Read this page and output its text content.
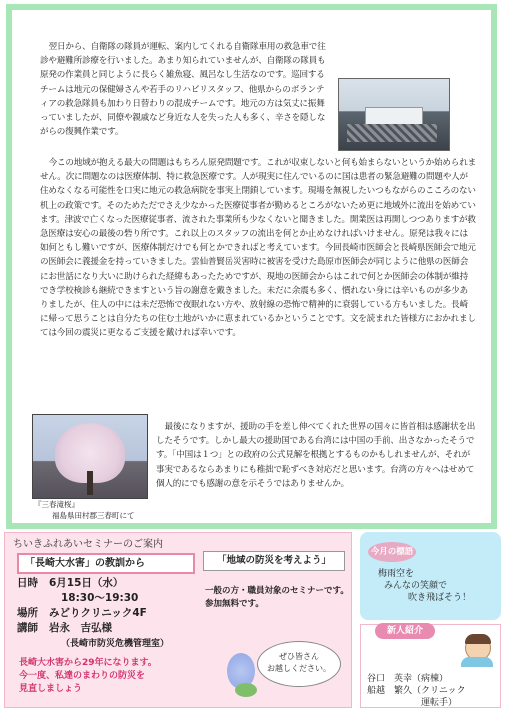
翌日から、自衛隊の隊員が運転、案内してくれる自衛隊車用の救急車で往診や避難所診療を行いました。あまり知られていませんが、自衛隊の隊員も原発の作業員と同じように長らく雑魚寝、風呂なし生活なのです。巡回するチームは地元の保健婦さんや若手のリハビリスタッフ、他県からのボランティアの救急隊員も加わり日替わりの混成チームです。地元の方は気丈に振舞っていましたが、同僚や親戚など身近な人を失った人も多く、辛さを隠しながらの復興作業です。
今この地域が抱える最大の問題はもちろん原発問題です。これが収束しないと何も始まらないというか始められません。次に問題なのは医療体制、特に救急医療です。人が現実に住んでいるのに国は患者の緊急避難の問題や人が住めなくなる可能性を口実に地元の救急病院を事実上閉鎖しています。現場を無視したいつもながらのこころのない机上の政策です。そのためただでさえ少なかった医療従事者が勤めるところがないため更に地域外に流出を始めています。津波で亡くなった医療従事者、流された事業所も少なくないと聞きました。開業医は再開しつつありますが救急医療は安心の最後の砦り所です。これ以上のスタッフの流出を何とか止めなければいけません。原発は我々には如何ともし難いですが、医療体制だけでも何とかできればと考えています。今回長崎市医師会と長崎県医師会で地元の医師会に義援金を持っていきました。雲仙普賢岳災害時に被害を受けた島原市医師会が同じように他県の医師会にお世話になり大いに助けられた経緯もあったためですが、現地の医師会からはこれで何とか医師会の体制が維持でき学校検診も継続できますという旨の謝意を戴きました。未だに余震も多く、慣れない身には辛いものが多少ありましたが、住人の中には未だ恐怖で夜眠れない方や、放射線の恐怖で精神的に衰弱している方もいました。長崎に帰って思うことは自分たちの住む土地がいかに恵まれているかということです。文を読まれた皆様方におかれましては今回の震災に更なるご支援を戴ければ幸いです。
『三春滝桜』
福島県田村郡三春町にて
最後になりますが、援助の手を差し伸べてくれた世界の国々に皆首相は感謝状を出したそうです。しかし最大の援助国である台湾には中国の手前、出さなかったそうです。「中国は１つ」との政府の公式見解を根拠とするものかもしれませんが、それが事実であるならあまりにも稚拙で恥ずべき対応だと思います。台湾の方々へはせめて個人的にでも感謝の意を示そうではありませんか。
ちいきふれあいセミナーのご案内
「長崎大水害」の教訓から	「地域の防災を考えよう」
日時 6月15日（水）
18:30～19:30
場所 みどりクリニック4F
講師 岩永　吉弘様
（長崎市防災危機管理室）
長崎大水害から29年になります。
今一度、私達のまわりの防災を
見直しましょう
一般の方・職員対象のセミナーです。
参加無料です。
ぜひ皆さん
お越しください。
今月の標語
梅雨空を
みんなの笑顔で
吹き飛ばそう！
新人紹介
谷口　英幸（病棟）
船越　繁久（クリニック
運転手）
